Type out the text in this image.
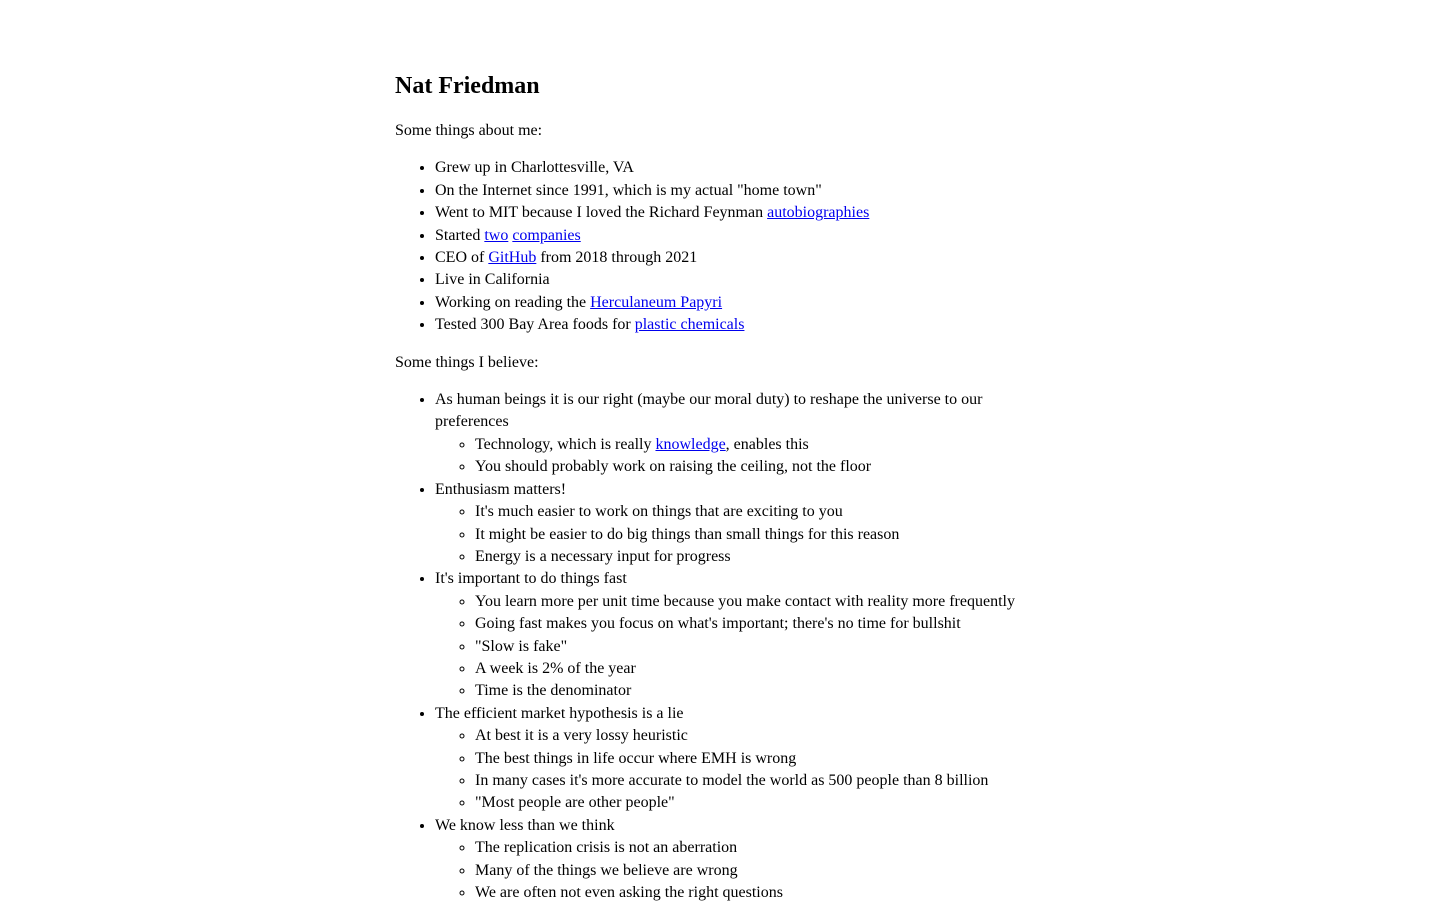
Nat Friedman

Some things about me:

• Grew up in Charlottesville, VA
• On the Internet since 1991, which is my actual "home town"
• Went to MIT because I loved the Richard Feynman autobiographies
• Started two companies
• CEO of GitHub from 2018 through 2021
• Live in California
• Working on reading the Herculaneum Papyri
• Tested 300 Bay Area foods for plastic chemicals

Some things I believe:

• As human beings it is our right (maybe our moral duty) to reshape the universe to our preferences
◦ Technology, which is really knowledge, enables this
◦ You should probably work on raising the ceiling, not the floor
• Enthusiasm matters!
◦ It's much easier to work on things that are exciting to you
◦ It might be easier to do big things than small things for this reason
◦ Energy is a necessary input for progress
• It's important to do things fast
◦ You learn more per unit time because you make contact with reality more frequently
◦ Going fast makes you focus on what's important; there's no time for bullshit
◦ "Slow is fake"
◦ A week is 2% of the year
◦ Time is the denominator
• The efficient market hypothesis is a lie
◦ At best it is a very lossy heuristic
◦ The best things in life occur where EMH is wrong
◦ In many cases it's more accurate to model the world as 500 people than 8 billion
◦ "Most people are other people"
• We know less than we think
◦ The replication crisis is not an aberration
◦ Many of the things we believe are wrong
◦ We are often not even asking the right questions
